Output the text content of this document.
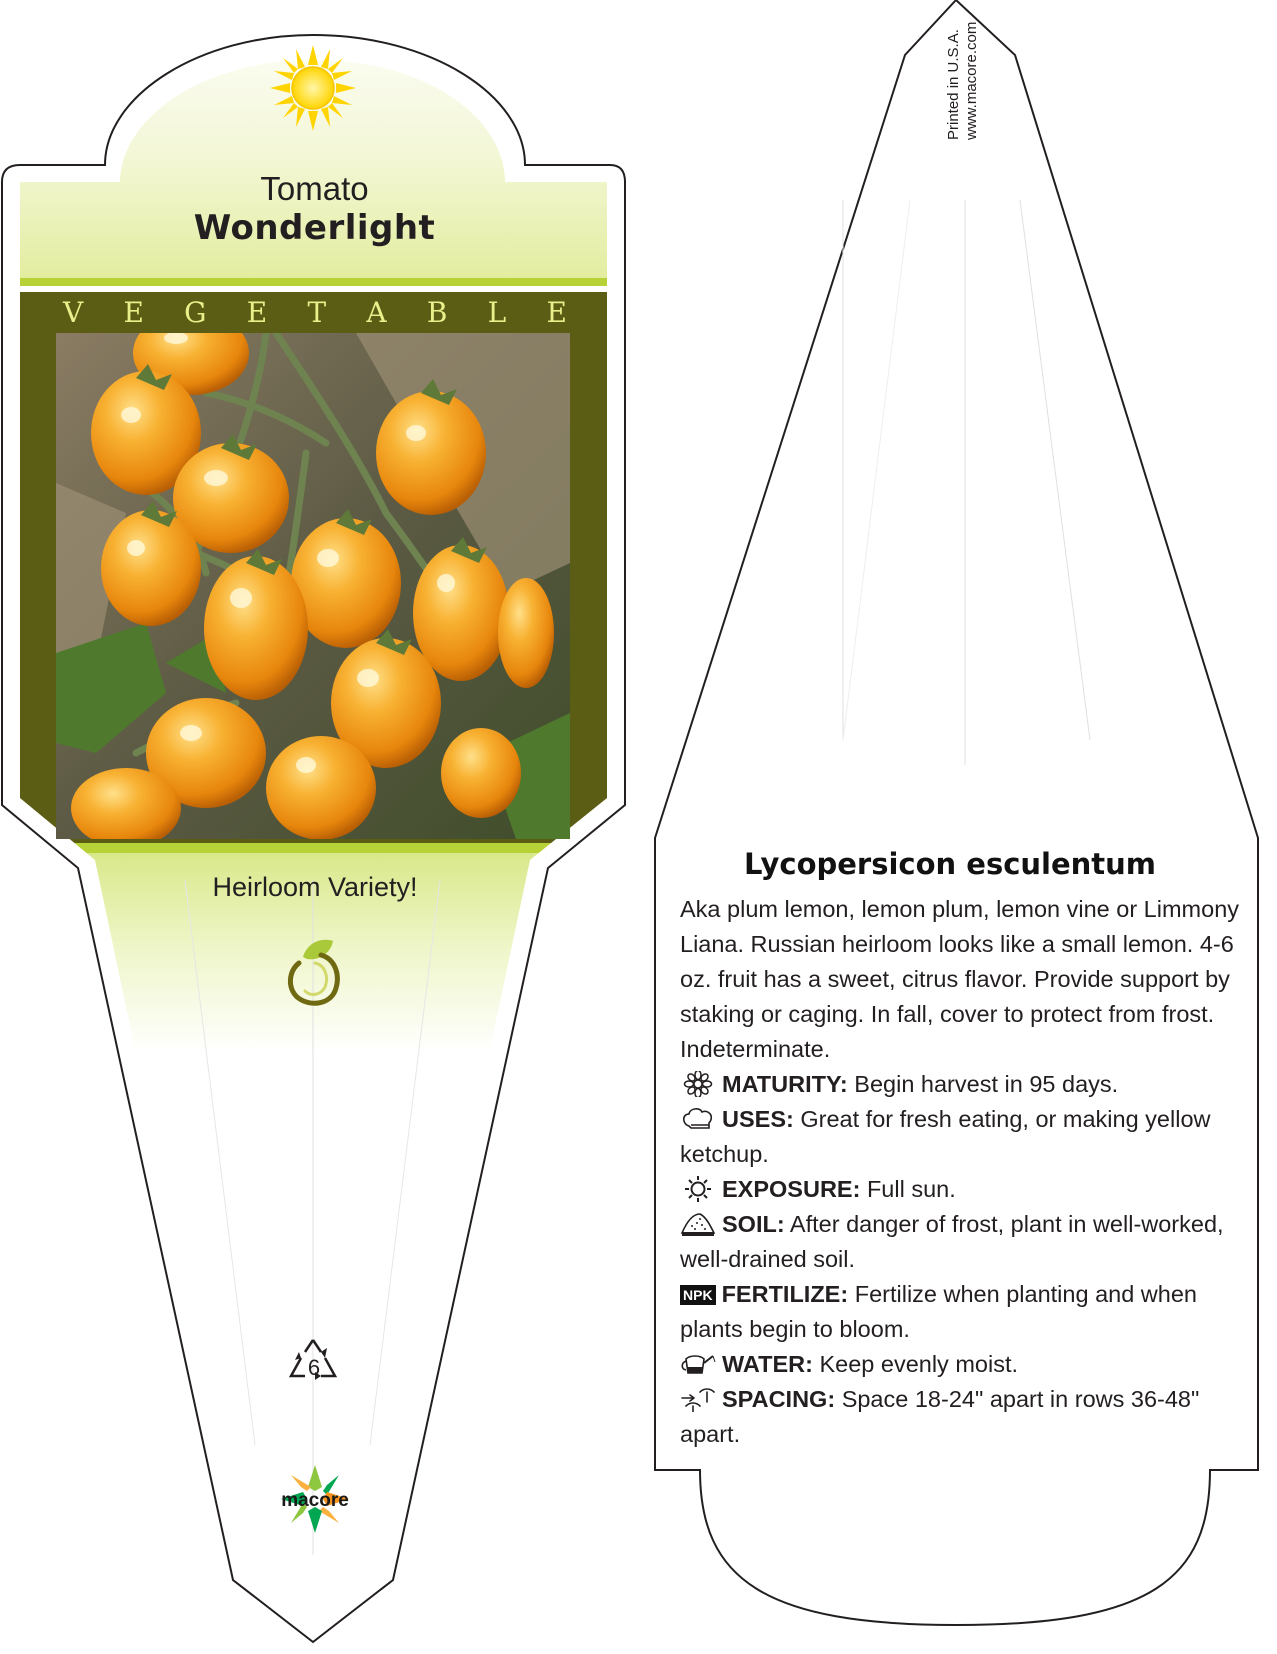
Tomato
Wonderlight
V E G E T A B L E
Heirloom Variety!
6
macore
Printed in U.S.A. www.macore.com
Lycopersicon esculentum

Aka plum lemon, lemon plum, lemon vine or Limmony Liana. Russian heirloom looks like a small lemon. 4-6 oz. fruit has a sweet, citrus flavor. Provide support by staking or caging. In fall, cover to protect from frost. Indeterminate.

MATURITY: Begin harvest in 95 days.

USES: Great for fresh eating, or making yellow ketchup.

EXPOSURE: Full sun.

SOIL: After danger of frost, plant in well-worked, well-drained soil.

NPK FERTILIZE: Fertilize when planting and when plants begin to bloom.

WATER: Keep evenly moist.

SPACING: Space 18-24" apart in rows 36-48" apart.
